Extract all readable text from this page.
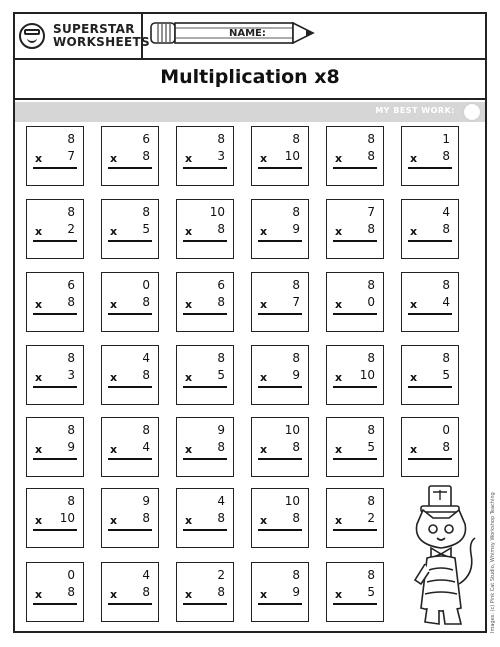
SUPERSTAR
WORKSHEETS
NAME:
Multiplication x8
MY BEST WORK:
8
x 7
6
x 8
8
x 3
8
x 10
8
x 8
1
x 8
8
x 2
8
x 5
10
x 8
8
x 9
7
x 8
4
x 8
6
x 8
0
x 8
6
x 8
8
x 7
8
x 0
8
x 4
8
x 3
4
x 8
8
x 5
8
x 9
8
x 10
8
x 5
8
x 9
8
x 4
9
x 8
10
x 8
8
x 5
0
x 8
8
x 10
9
x 8
4
x 8
10
x 8
8
x 2
0
x 8
4
x 8
2
x 8
8
x 9
8
x 5	Images: (c) Pink Cat Studio, Whimsy Workshop Teaching
